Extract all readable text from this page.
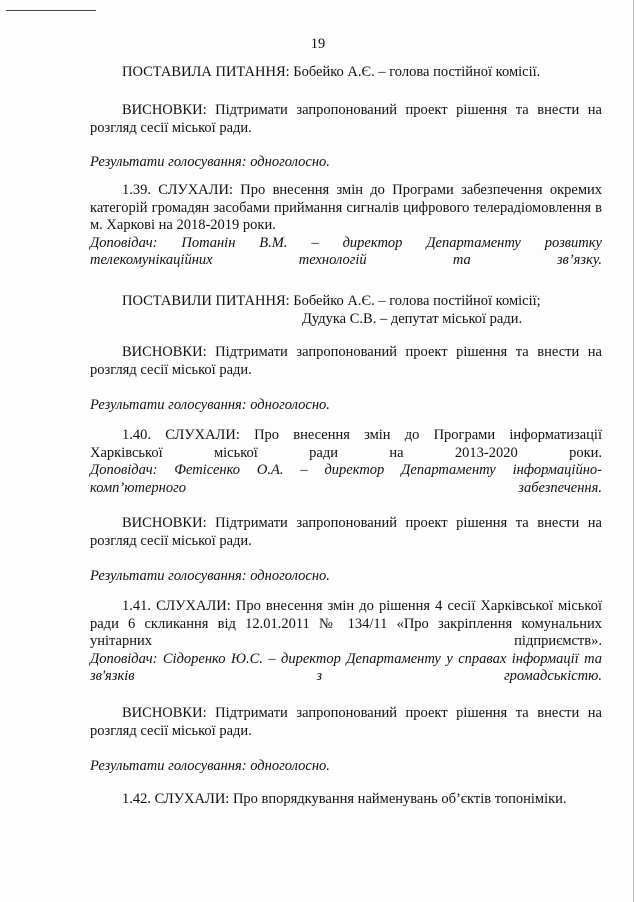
19

ПОСТАВИЛА ПИТАННЯ: Бобейко А.Є. – голова постійної комісії.

ВИСНОВКИ: Підтримати запропонований проект рішення та внести на розгляд сесії міської ради.

Результати голосування: одноголосно.

1.39. СЛУХАЛИ: Про внесення змін до Програми забезпечення окремих категорій громадян засобами приймання сигналів цифрового телерадіомовлення в м. Харкові на 2018-2019 роки.

Доповідач: Потанін В.М. – директор Департаменту розвитку телекомунікаційних технологій та зв’язку.

ПОСТАВИЛИ ПИТАННЯ: Бобейко А.Є. – голова постійної комісії;
Дудука С.В. – депутат міської ради.

ВИСНОВКИ: Підтримати запропонований проект рішення та внести на розгляд сесії міської ради.

Результати голосування: одноголосно.

1.40. СЛУХАЛИ: Про внесення змін до Програми інформатизації Харківської міської ради на 2013-2020 роки.

Доповідач: Фетісенко О.А. – директор Департаменту інформаційно-комп’ютерного забезпечення.

ВИСНОВКИ: Підтримати запропонований проект рішення та внести на розгляд сесії міської ради.

Результати голосування: одноголосно.

1.41. СЛУХАЛИ: Про внесення змін до рішення 4 сесії Харківської міської ради 6 скликання від 12.01.2011 № 134/11 «Про закріплення комунальних унітарних підприємств».

Доповідач: Сідоренко Ю.С. – директор Департаменту у справах інформації та зв'язків з громадськістю.

ВИСНОВКИ: Підтримати запропонований проект рішення та внести на розгляд сесії міської ради.

Результати голосування: одноголосно.

1.42. СЛУХАЛИ: Про впорядкування найменувань об’єктів топоніміки.
